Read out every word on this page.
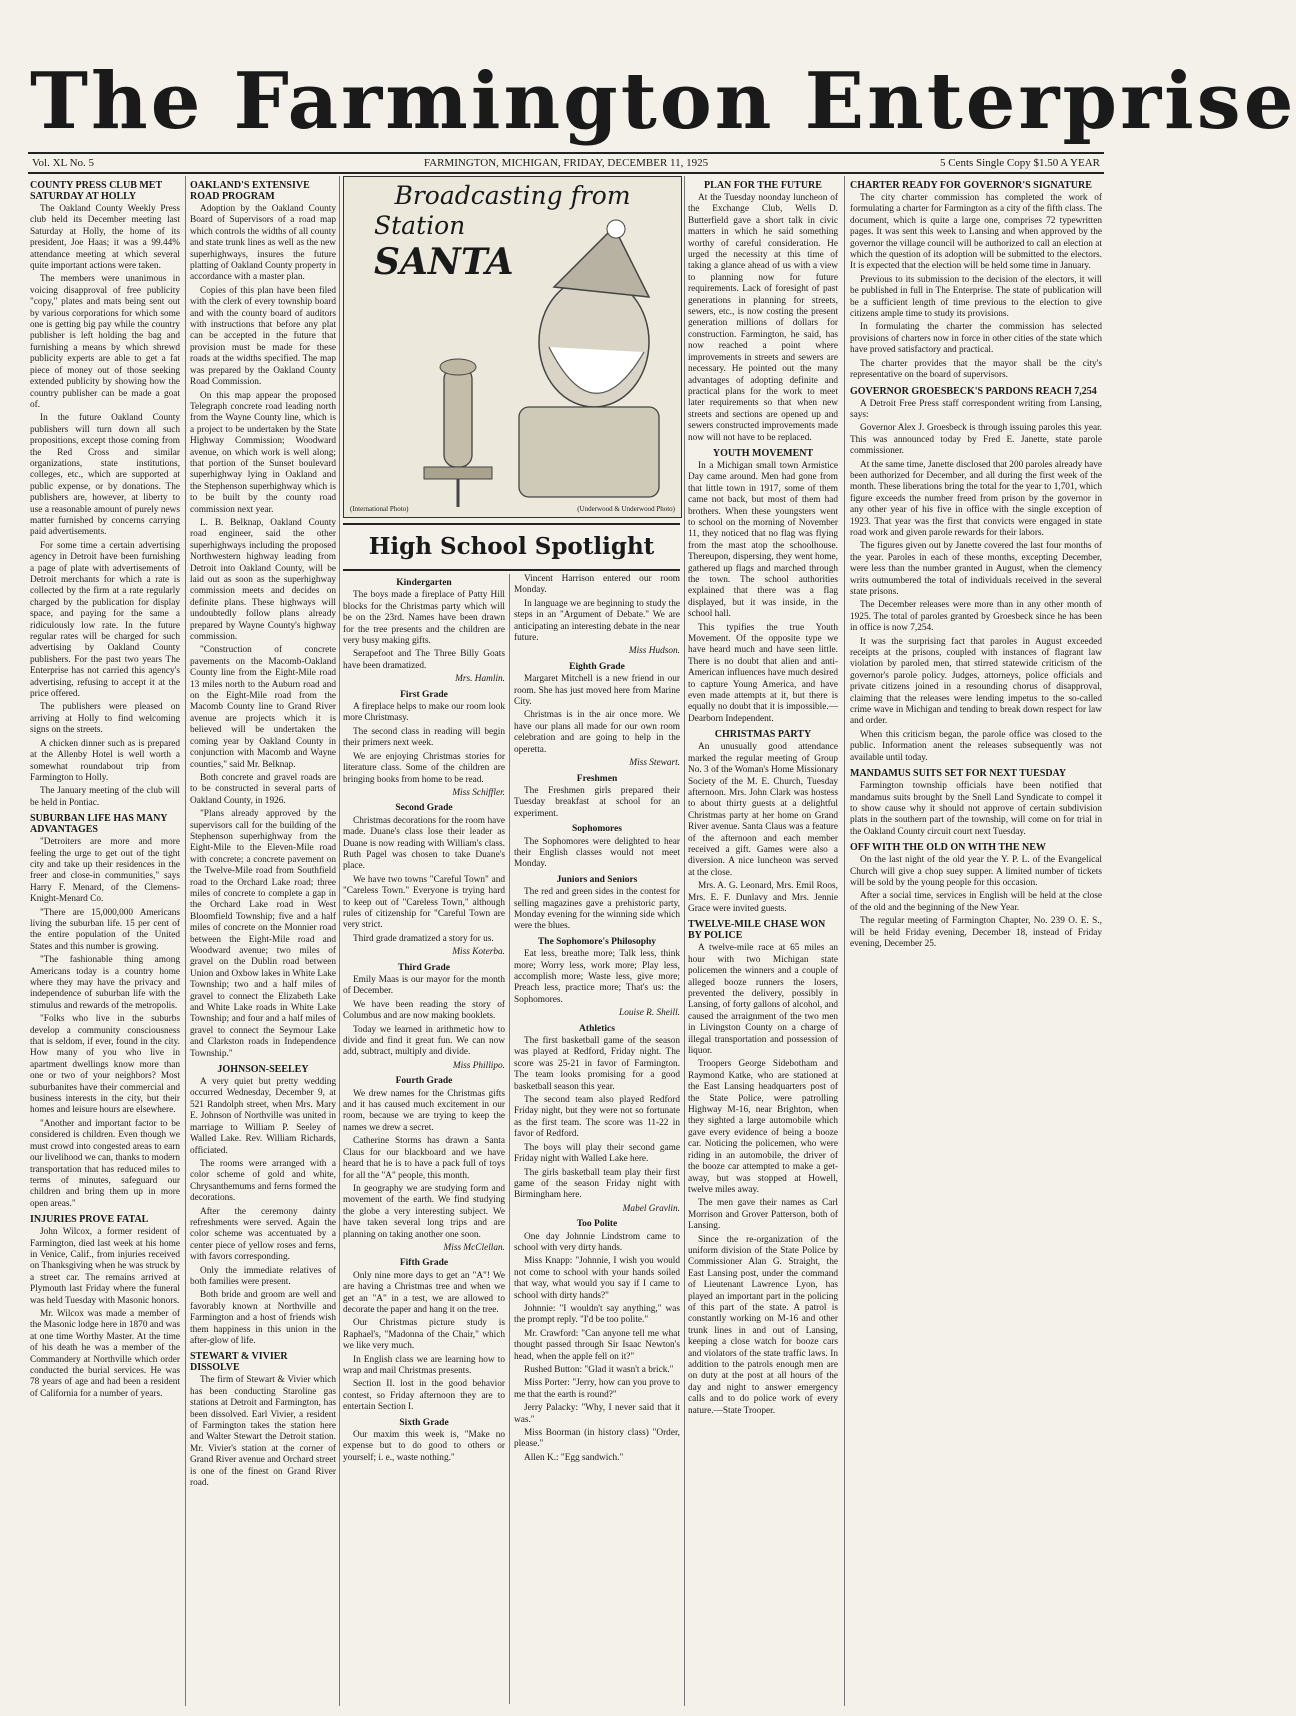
The Farmington Enterprise
Vol. XL No. 5	FARMINGTON, MICHIGAN, FRIDAY, DECEMBER 11, 1925	5 Cents Single Copy $1.50 A YEAR
COUNTY PRESS CLUB MET SATURDAY AT HOLLY

The Oakland County Weekly Press club held its December meeting last Saturday at Holly, the home of its president, Joe Haas; it was a 99.44% attendance meeting at which several quite important actions were taken.

The members were unanimous in voicing disapproval of free publicity "copy," plates and mats being sent out by various corporations for which some one is getting big pay while the country publisher is left holding the bag and furnishing a means by which shrewd publicity experts are able to get a fat piece of money out of those seeking extended publicity by showing how the country publisher can be made a goat of.

In the future Oakland County publishers will turn down all such propositions, except those coming from the Red Cross and similar organizations, state institutions, colleges, etc., which are supported at public expense, or by donations. The publishers are, however, at liberty to use a reasonable amount of purely news matter furnished by concerns carrying paid advertisements.

For some time a certain advertising agency in Detroit have been furnishing a page of plate with advertisements of Detroit merchants for which a rate is collected by the firm at a rate regularly charged by the publication for display space, and paying for the same a ridiculously low rate. In the future regular rates will be charged for such advertising by Oakland County publishers. For the past two years The Enterprise has not carried this agency's advertising, refusing to accept it at the price offered.

The publishers were pleased on arriving at Holly to find welcoming signs on the streets.

A chicken dinner such as is prepared at the Allenby Hotel is well worth a somewhat roundabout trip from Farmington to Holly.

The January meeting of the club will be held in Pontiac.

SUBURBAN LIFE HAS MANY ADVANTAGES

"Detroiters are more and more feeling the urge to get out of the tight city and take up their residences in the freer and close-in communities," says Harry F. Menard, of the Clemens-Knight-Menard Co.

"There are 15,000,000 Americans living the suburban life. 15 per cent of the entire population of the United States and this number is growing.

"The fashionable thing among Americans today is a country home where they may have the privacy and independence of suburban life with the stimulus and rewards of the metropolis.

"Folks who live in the suburbs develop a community consciousness that is seldom, if ever, found in the city. How many of you who live in apartment dwellings know more than one or two of your neighbors? Most suburbanites have their commercial and business interests in the city, but their homes and leisure hours are elsewhere.

"Another and important factor to be considered is children. Even though we must crowd into congested areas to earn our livelihood we can, thanks to modern transportation that has reduced miles to terms of minutes, safeguard our children and bring them up in more open areas."

INJURIES PROVE FATAL

John Wilcox, a former resident of Farmington, died last week at his home in Venice, Calif., from injuries received on Thanksgiving when he was struck by a street car. The remains arrived at Plymouth last Friday where the funeral was held Tuesday with Masonic honors.

Mr. Wilcox was made a member of the Masonic lodge here in 1870 and was at one time Worthy Master. At the time of his death he was a member of the Commandery at Northville which order conducted the burial services. He was 78 years of age and had been a resident of California for a number of years.

OAKLAND'S EXTENSIVE ROAD PROGRAM

Adoption by the Oakland County Board of Supervisors of a road map which controls the widths of all county and state trunk lines as well as the new superhighways, insures the future platting of Oakland County property in accordance with a master plan.

Copies of this plan have been filed with the clerk of every township board and with the county board of auditors with instructions that before any plat can be accepted in the future that provision must be made for these roads at the widths specified. The map was prepared by the Oakland County Road Commission.

On this map appear the proposed Telegraph concrete road leading north from the Wayne County line, which is a project to be undertaken by the State Highway Commission; Woodward avenue, on which work is well along; that portion of the Sunset boulevard superhighway lying in Oakland and the Stephenson superhighway which is to be built by the county road commission next year.

L. B. Belknap, Oakland County road engineer, said the other superhighways including the proposed Northwestern highway leading from Detroit into Oakland County, will be laid out as soon as the superhighway commission meets and decides on definite plans. These highways will undoubtedly follow plans already prepared by Wayne County's highway commission.

"Construction of concrete pavements on the Macomb-Oakland County line from the Eight-Mile road 13 miles north to the Auburn road and on the Eight-Mile road from the Macomb County line to Grand River avenue are projects which it is believed will be undertaken the coming year by Oakland County in conjunction with Macomb and Wayne counties," said Mr. Belknap.

Both concrete and gravel roads are to be constructed in several parts of Oakland County, in 1926.

"Plans already approved by the supervisors call for the building of the Stephenson superhighway from the Eight-Mile to the Eleven-Mile road with concrete; a concrete pavement on the Twelve-Mile road from Southfield road to the Orchard Lake road; three miles of concrete to complete a gap in the Orchard Lake road in West Bloomfield Township; five and a half miles of concrete on the Monnier road between the Eight-Mile road and Woodward avenue; two miles of gravel on the Dublin road between Union and Oxbow lakes in White Lake Township; two and a half miles of gravel to connect the Elizabeth Lake and White Lake roads in White Lake Township; and four and a half miles of gravel to connect the Seymour Lake and Clarkston roads in Independence Township."

JOHNSON-SEELEY

A very quiet but pretty wedding occurred Wednesday, December 9, at 521 Randolph street, when Mrs. Mary E. Johnson of Northville was united in marriage to William P. Seeley of Walled Lake. Rev. William Richards, officiated.

The rooms were arranged with a color scheme of gold and white, Chrysanthemums and ferns formed the decorations.

After the ceremony dainty refreshments were served. Again the color scheme was accentuated by a center piece of yellow roses and ferns, with favors corresponding.

Only the immediate relatives of both families were present.

Both bride and groom are well and favorably known at Northville and Farmington and a host of friends wish them happiness in this union in the after-glow of life.

STEWART & VIVIER DISSOLVE

The firm of Stewart & Vivier which has been conducting Staroline gas stations at Detroit and Farmington, has been dissolved. Earl Vivier, a resident of Farmington takes the station here and Walter Stewart the Detroit station. Mr. Vivier's station at the corner of Grand River avenue and Orchard street is one of the finest on Grand River road.

Broadcasting from
Station
SANTA
(International Photo)	(Underwood & Underwood Photo)
High School Spotlight
Kindergarten

The boys made a fireplace of Patty Hill blocks for the Christmas party which will be on the 23rd. Names have been drawn for the tree presents and the children are very busy making gifts.

Serapefoot and The Three Billy Goats have been dramatized.

Mrs. Hamlin.

First Grade

A fireplace helps to make our room look more Christmasy.

The second class in reading will begin their primers next week.

We are enjoying Christmas stories for literature class. Some of the children are bringing books from home to be read.

Miss Schiffler.

Second Grade

Christmas decorations for the room have made. Duane's class lose their leader as Duane is now reading with William's class. Ruth Pagel was chosen to take Duane's place.

We have two towns "Careful Town" and "Careless Town." Everyone is trying hard to keep out of "Careless Town," although rules of citizenship for "Careful Town are very strict.

Third grade dramatized a story for us.

Miss Koterba.

Third Grade

Emily Maas is our mayor for the month of December.

We have been reading the story of Columbus and are now making booklets.

Today we learned in arithmetic how to divide and find it great fun. We can now add, subtract, multiply and divide.

Miss Phillipo.

Fourth Grade

We drew names for the Christmas gifts and it has caused much excitement in our room, because we are trying to keep the names we drew a secret.

Catherine Storms has drawn a Santa Claus for our blackboard and we have heard that he is to have a pack full of toys for all the "A" people, this month.

In geography we are studying form and movement of the earth. We find studying the globe a very interesting subject. We have taken several long trips and are planning on taking another one soon.

Miss McClellan.

Fifth Grade

Only nine more days to get an "A"! We are having a Christmas tree and when we get an "A" in a test, we are allowed to decorate the paper and hang it on the tree.

Our Christmas picture study is Raphael's, "Madonna of the Chair," which we like very much.

In English class we are learning how to wrap and mail Christmas presents.

Section II. lost in the good behavior contest, so Friday afternoon they are to entertain Section I.

Sixth Grade

Our maxim this week is, "Make no expense but to do good to others or yourself; i. e., waste nothing."

Vincent Harrison entered our room Monday.

In language we are beginning to study the steps in an "Argument of Debate." We are anticipating an interesting debate in the near future.

Miss Hudson.

Eighth Grade

Margaret Mitchell is a new friend in our room. She has just moved here from Marine City.

Christmas is in the air once more. We have our plans all made for our own room celebration and are going to help in the operetta.

Miss Stewart.

Freshmen

The Freshmen girls prepared their Tuesday breakfast at school for an experiment.

Sophomores

The Sophomores were delighted to hear their English classes would not meet Monday.

Juniors and Seniors

The red and green sides in the contest for selling magazines gave a prehistoric party, Monday evening for the winning side which were the blues.

The Sophomore's Philosophy

Eat less, breathe more; Talk less, think more; Worry less, work more; Play less, accomplish more; Waste less, give more; Preach less, practice more; That's us: the Sophomores.

Louise R. Sheill.

Athletics

The first basketball game of the season was played at Redford, Friday night. The score was 25-21 in favor of Farmington. The team looks promising for a good basketball season this year.

The second team also played Redford Friday night, but they were not so fortunate as the first team. The score was 11-22 in favor of Redford.

The boys will play their second game Friday night with Walled Lake here.

The girls basketball team play their first game of the season Friday night with Birmingham here.

Mabel Gravlin.

Too Polite

One day Johnnie Lindstrom came to school with very dirty hands.

Miss Knapp: "Johnnie, I wish you would not come to school with your hands soiled that way, what would you say if I came to school with dirty hands?"

Johnnie: "I wouldn't say anything," was the prompt reply. "I'd be too polite."

Mr. Crawford: "Can anyone tell me what thought passed through Sir Isaac Newton's head, when the apple fell on it?"

Rushed Button: "Glad it wasn't a brick."

Miss Porter: "Jerry, how can you prove to me that the earth is round?"

Jerry Palacky: "Why, I never said that it was."

Miss Boorman (in history class) "Order, please."

Allen K.: "Egg sandwich."

PLAN FOR THE FUTURE

At the Tuesday noonday luncheon of the Exchange Club, Wells D. Butterfield gave a short talk in civic matters in which he said something worthy of careful consideration. He urged the necessity at this time of taking a glance ahead of us with a view to planning now for future requirements. Lack of foresight of past generations in planning for streets, sewers, etc., is now costing the present generation millions of dollars for construction. Farmington, he said, has now reached a point where improvements in streets and sewers are necessary. He pointed out the many advantages of adopting definite and practical plans for the work to meet later requirements so that when new streets and sections are opened up and sewers constructed improvements made now will not have to be replaced.

YOUTH MOVEMENT

In a Michigan small town Armistice Day came around. Men had gone from that little town in 1917, some of them came not back, but most of them had brothers. When these youngsters went to school on the morning of November 11, they noticed that no flag was flying from the mast atop the schoolhouse. Thereupon, dispersing, they went home, gathered up flags and marched through the town. The school authorities explained that there was a flag displayed, but it was inside, in the school hall.

This typifies the true Youth Movement. Of the opposite type we have heard much and have seen little. There is no doubt that alien and anti-American influences have much desired to capture Young America, and have even made attempts at it, but there is equally no doubt that it is impossible.—Dearborn Independent.

CHRISTMAS PARTY

An unusually good attendance marked the regular meeting of Group No. 3 of the Woman's Home Missionary Society of the M. E. Church, Tuesday afternoon. Mrs. John Clark was hostess to about thirty guests at a delightful Christmas party at her home on Grand River avenue. Santa Claus was a feature of the afternoon and each member received a gift. Games were also a diversion. A nice luncheon was served at the close.

Mrs. A. G. Leonard, Mrs. Emil Roos, Mrs. E. F. Dunlavy and Mrs. Jennie Grace were invited guests.

TWELVE-MILE CHASE WON BY POLICE

A twelve-mile race at 65 miles an hour with two Michigan state policemen the winners and a couple of alleged booze runners the losers, prevented the delivery, possibly in Lansing, of forty gallons of alcohol, and caused the arraignment of the two men in Livingston County on a charge of illegal transportation and possession of liquor.

Troopers George Sidebotham and Raymond Katke, who are stationed at the East Lansing headquarters post of the State Police, were patrolling Highway M-16, near Brighton, when they sighted a large automobile which gave every evidence of being a booze car. Noticing the policemen, who were riding in an automobile, the driver of the booze car attempted to make a get-away, but was stopped at Howell, twelve miles away.

The men gave their names as Carl Morrison and Grover Patterson, both of Lansing.

Since the re-organization of the uniform division of the State Police by Commissioner Alan G. Straight, the East Lansing post, under the command of Lieutenant Lawrence Lyon, has played an important part in the policing of this part of the state. A patrol is constantly working on M-16 and other trunk lines in and out of Lansing, keeping a close watch for booze cars and violators of the state traffic laws. In addition to the patrols enough men are on duty at the post at all hours of the day and night to answer emergency calls and to do police work of every nature.—State Trooper.

CHARTER READY FOR GOVERNOR'S SIGNATURE

The city charter commission has completed the work of formulating a charter for Farmington as a city of the fifth class. The document, which is quite a large one, comprises 72 typewritten pages. It was sent this week to Lansing and when approved by the governor the village council will be authorized to call an election at which the question of its adoption will be submitted to the electors. It is expected that the election will be held some time in January.

Previous to its submission to the decision of the electors, it will be published in full in The Enterprise. The state of publication will be a sufficient length of time previous to the election to give citizens ample time to study its provisions.

In formulating the charter the commission has selected provisions of charters now in force in other cities of the state which have proved satisfactory and practical.

The charter provides that the mayor shall be the city's representative on the board of supervisors.

GOVERNOR GROESBECK'S PARDONS REACH 7,254

A Detroit Free Press staff correspondent writing from Lansing, says:

Governor Alex J. Groesbeck is through issuing paroles this year. This was announced today by Fred E. Janette, state parole commissioner.

At the same time, Janette disclosed that 200 paroles already have been authorized for December, and all during the first week of the month. These liberations bring the total for the year to 1,701, which figure exceeds the number freed from prison by the governor in any other year of his five in office with the single exception of 1923. That year was the first that convicts were engaged in state road work and given parole rewards for their labors.

The figures given out by Janette covered the last four months of the year. Paroles in each of these months, excepting December, were less than the number granted in August, when the clemency writs outnumbered the total of individuals received in the several state prisons.

The December releases were more than in any other month of 1925. The total of paroles granted by Groesbeck since he has been in office is now 7,254.

It was the surprising fact that paroles in August exceeded receipts at the prisons, coupled with instances of flagrant law violation by paroled men, that stirred statewide criticism of the governor's parole policy. Judges, attorneys, police officials and private citizens joined in a resounding chorus of disapproval, claiming that the releases were lending impetus to the so-called crime wave in Michigan and tending to break down respect for law and order.

When this criticism began, the parole office was closed to the public. Information anent the releases subsequently was not available until today.

MANDAMUS SUITS SET FOR NEXT TUESDAY

Farmington township officials have been notified that mandamus suits brought by the Snell Land Syndicate to compel it to show cause why it should not approve of certain subdivision plats in the southern part of the township, will come on for trial in the Oakland County circuit court next Tuesday.

OFF WITH THE OLD ON WITH THE NEW

On the last night of the old year the Y. P. L. of the Evangelical Church will give a chop suey supper. A limited number of tickets will be sold by the young people for this occasion.

After a social time, services in English will be held at the close of the old and the beginning of the New Year.

The regular meeting of Farmington Chapter, No. 239 O. E. S., will be held Friday evening, December 18, instead of Friday evening, December 25.
